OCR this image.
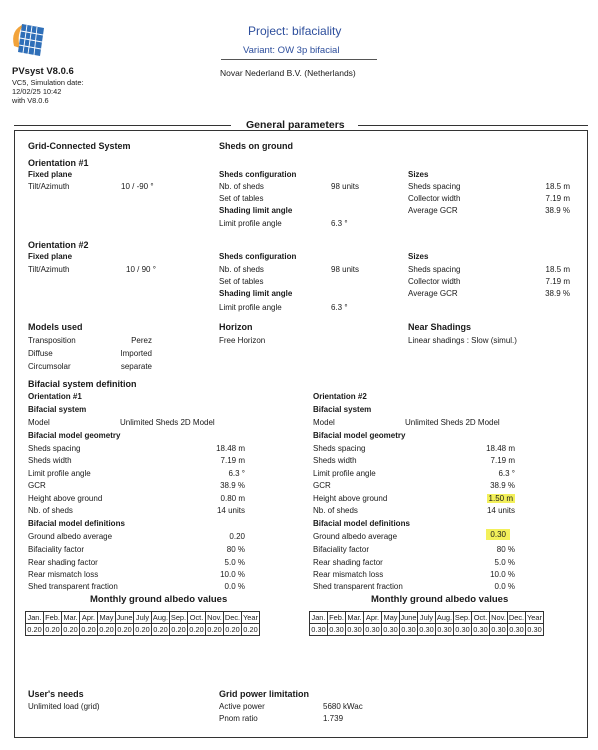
PVsyst V8.0.6
VC5, Simulation date:
12/02/25 10:42
with V8.0.6
Project: bifaciality
Variant: OW 3p bifacial
Novar Nederland B.V. (Netherlands)
General parameters
Grid-Connected System	Sheds on ground
Orientation #1
Fixed plane
Tilt/Azimuth	10 / -90 °
Sheds configuration
Nb. of sheds	98 units
Set of tables
Shading limit angle
Limit profile angle	6.3 °
Sizes
Sheds spacing	18.5 m
Collector width	7.19 m
Average GCR	38.9 %
Orientation #2
Fixed plane
Tilt/Azimuth	10 / 90 °
Sheds configuration
Nb. of sheds	98 units
Set of tables
Shading limit angle
Limit profile angle	6.3 °
Sizes
Sheds spacing	18.5 m
Collector width	7.19 m
Average GCR	38.9 %
Models used
Transposition	Perez
Diffuse	Imported
Circumsolar	separate
Horizon
Free Horizon
Near Shadings
Linear shadings : Slow (simul.)
Bifacial system definition
Orientation #1
Bifacial system
Model	Unlimited Sheds 2D Model
Bifacial model geometry
Sheds spacing	18.48 m
Sheds width	7.19 m
Limit profile angle	6.3 °
GCR	38.9 %
Height above ground	0.80 m
Nb. of sheds	14 units
Bifacial model definitions
Ground albedo average	0.20
Bifaciality factor	80 %
Rear shading factor	5.0 %
Rear mismatch loss	10.0 %
Shed transparent fraction	0.0 %
Monthly ground albedo values
Jan.	Feb.	Mar.	Apr.	May	June	July	Aug.	Sep.	Oct.	Nov.	Dec.	Year
0.20	0.20	0.20	0.20	0.20	0.20	0.20	0.20	0.20	0.20	0.20	0.20	0.20
Orientation #2
Bifacial system
Model	Unlimited Sheds 2D Model
Bifacial model geometry
Sheds spacing	18.48 m
Sheds width	7.19 m
Limit profile angle	6.3 °
GCR	38.9 %
Height above ground	1.50 m
Nb. of sheds	14 units
Bifacial model definitions
Ground albedo average	0.30
Bifaciality factor	80 %
Rear shading factor	5.0 %
Rear mismatch loss	10.0 %
Shed transparent fraction	0.0 %
Monthly ground albedo values
Jan.	Feb.	Mar.	Apr.	May	June	July	Aug.	Sep.	Oct.	Nov.	Dec.	Year
0.30	0.30	0.30	0.30	0.30	0.30	0.30	0.30	0.30	0.30	0.30	0.30	0.30
User's needs
Unlimited load (grid)
Grid power limitation
Active power	5680 kWac
Pnom ratio	1.739
